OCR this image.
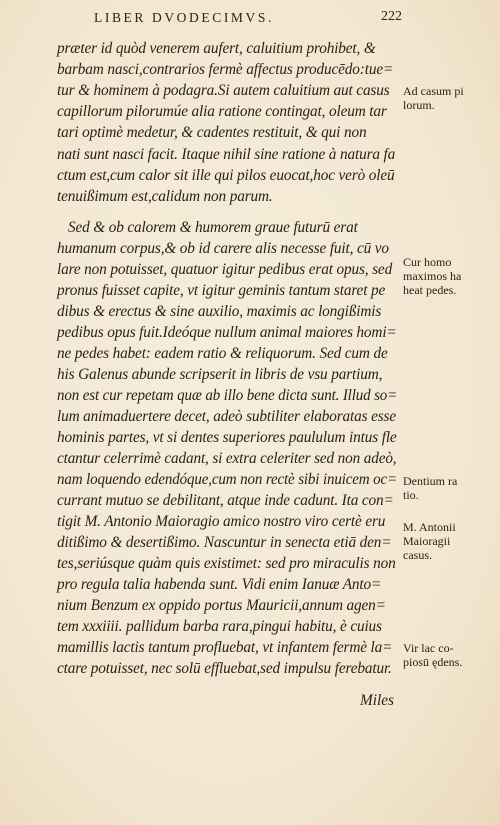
LIBER DVODECIMVS.	222
præter id quòd venerem aufert, caluitium prohibet, &
barbam nasci,contrarios fermè affectus producēdo:tue=
tur & hominem à podagra.Si autem caluitium aut casus
capillorum pilorumúe alia ratione contingat, oleum tar
tari optimè medetur, & cadentes restituit, & qui non
nati sunt nasci facit. Itaque nihil sine ratione à natura fa
ctum est,cum calor sit ille qui pilos euocat,hoc verò oleū
tenuißimum est,calidum non parum.
Sed & ob calorem & humorem graue futurū erat
humanum corpus,& ob id carere alis necesse fuit, cū vo
lare non potuisset, quatuor igitur pedibus erat opus, sed
pronus fuisset capite, vt igitur geminis tantum staret pe
dibus & erectus & sine auxilio, maximis ac longißimis
pedibus opus fuit.Ideóque nullum animal maiores homi=
ne pedes habet: eadem ratio & reliquorum. Sed cum de
his Galenus abunde scripserit in libris de vsu partium,
non est cur repetam quæ ab illo bene dicta sunt. Illud so=
lum animaduertere decet, adeò subtiliter elaboratas esse
hominis partes, vt si dentes superiores paululum intus fle
ctantur celerrimè cadant, si extra celeriter sed non adeò,
nam loquendo edendóque,cum non rectè sibi inuicem oc=
currant mutuo se debilitant, atque inde cadunt. Ita con=
tigit M. Antonio Maioragio amico nostro viro certè eru
ditißimo & desertißimo. Nascuntur in senecta etiā den=
tes,seriúsque quàm quis existimet: sed pro miraculis non
pro regula talia habenda sunt. Vidi enim Ianuæ Anto=
nium Benzum ex oppido portus Mauricii,annum agen=
tem xxxiiii. pallidum barba rara,pingui habitu, è cuius
mamillis lactis tantum profluebat, vt infantem fermè la=
ctare potuisset, nec solū effluebat,sed impulsu ferebatur.
Miles
Ad casum pi
lorum.
Cur homo
maximos ha
heat pedes.
Dentium ra
tio.
M. Antonii
Maioragii
casus.
Vir lac co-
piosū ędens.
